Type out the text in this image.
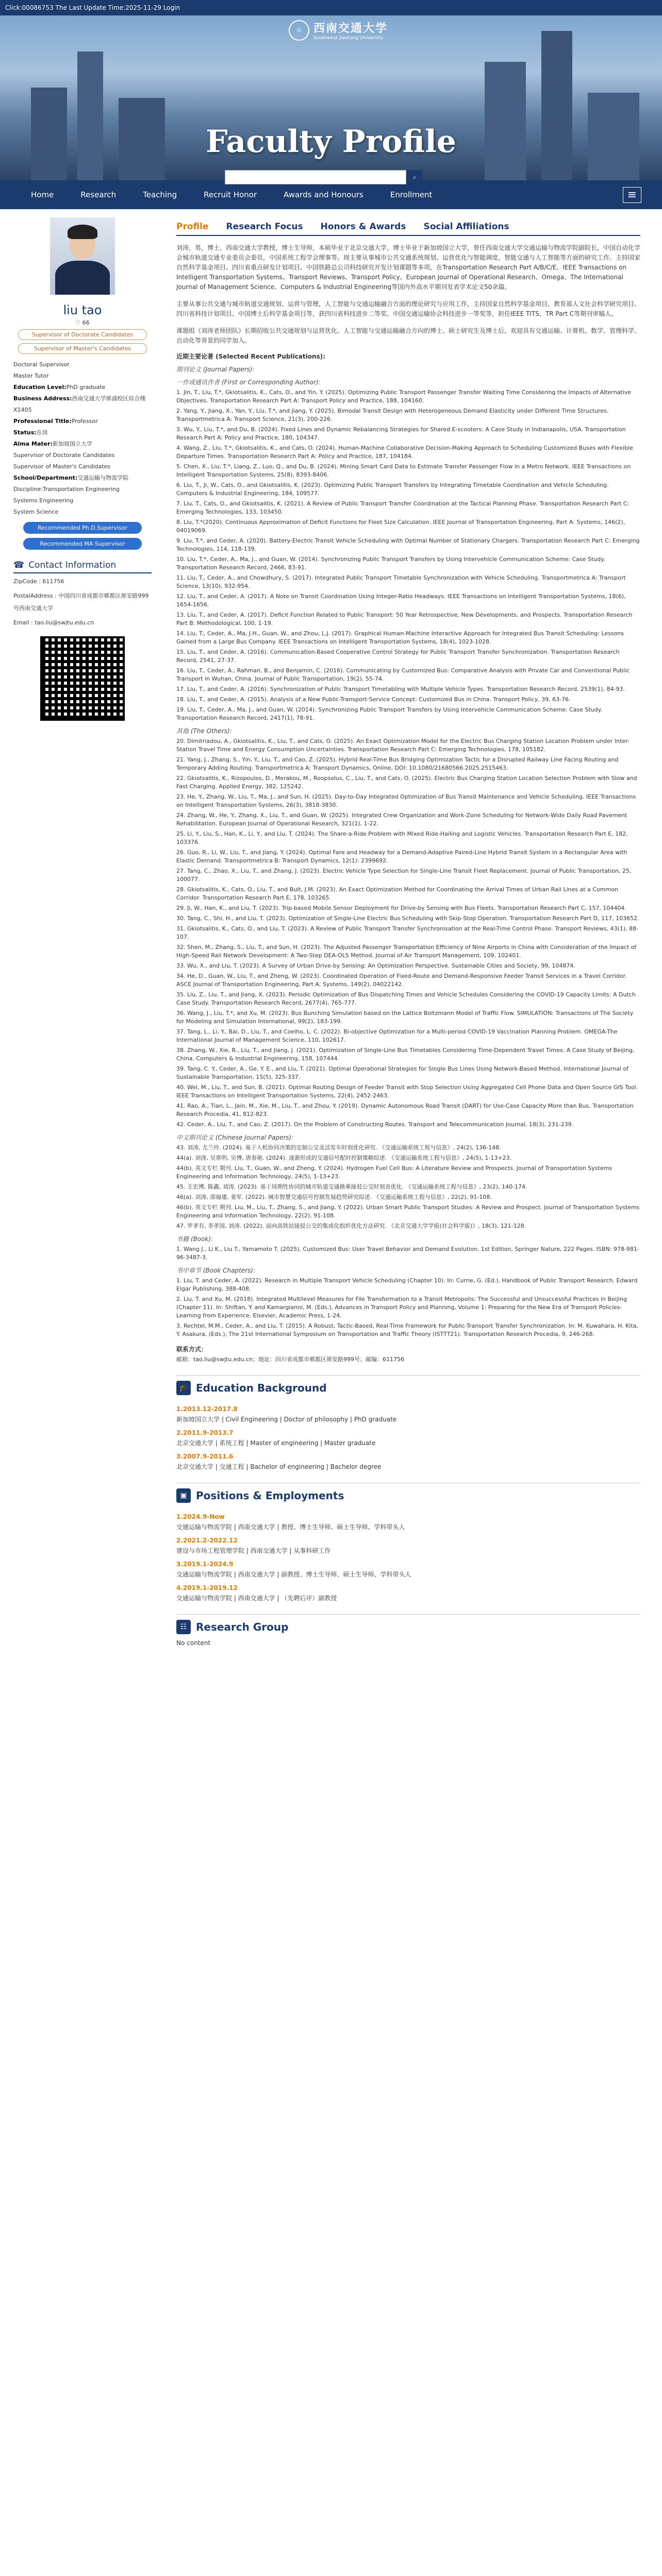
Click:00086753 The Last Update Time:2025-11-29 Login
◎	西南交通大学
Southwest Jiaotong University
Faculty Profile
⌕
Home	Research	Teaching	Recruit Honor	Awards and Honours	Enrollment	≡
liu tao
♡ 66
Supervisor of Doctorate Candidates
Supervisor of Master's Candidates
Doctoral Supervisor
Master Tutor
Education Level:PhD graduate
Business Address:西南交通大学犀浦校区综合楼X1405
Professional Title:Professor
Status:在岗
Alma Mater:新加坡国立大学
Supervisor of Doctorate Candidates
Supervisor of Master's Candidates
School/Department:交通运输与物流学院
Discipline:Transportation Engineering
Systems Engineering
System Science
Recommended Ph.D.Supervisor
Recommended MA Supervisor
☎ Contact Information
ZipCode : 611756
PostalAddress : 中国四川省成都市郫都区犀安路999号西南交通大学
Email : tao.liu@swjtu.edu.cn
Profile Research Focus Honors & Awards Social Affiliations

刘涛，男，博士，西南交通大学教授，博士生导师，本硕毕业于北京交通大学，博士毕业于新加坡国立大学，曾任西南交通大学交通运输与物流学院副院长，中国自动化学会城市轨道交通专业委员会委员，中国系统工程学会理事等。现主要从事城市公共交通系统规划、运营优化与智能调度，智能交通与人工智能等方面的研究工作。主持国家自然科学基金项目、四川省重点研发计划项目、中国铁路总公司科技研究开发计划课题等多项，在Transportation Research Part A/B/C/E、IEEE Transactions on Intelligent Transportation Systems、Transport Reviews、Transport Policy、European Journal of Operational Research、Omega、The International Journal of Management Science、Computers & Industrial Engineering等国内外高水平期刊发表学术论文50余篇。

主要从事公共交通与城市轨道交通规划、运营与管理，人工智能与交通运输融合方面的理论研究与应用工作，主持国家自然科学基金项目、教育部人文社会科学研究项目、四川省科技计划项目、中国博士后科学基金项目等，获四川省科技进步二等奖、中国交通运输协会科技进步一等奖等，担任IEEE TITS、TR Part C等期刊审稿人。

课题组《刘涛老师团队》长期招收公共交通规划与运营优化、人工智能与交通运输融合方向的博士、硕士研究生及博士后，欢迎具有交通运输、计算机、数学、管理科学、自动化等背景的同学加入。

近期主要论著 (Selected Recent Publications):
期刊论文 (Journal Papers):
一作或通讯作者 (First or Corresponding Author):
1. Jin, T., Liu, T.*, Gkiotsalitis, K., Cats, O., and Yin, Y. (2025). Optimizing Public Transport Passenger Transfer Waiting Time Considering the Impacts of Alternative Objectives. Transportation Research Part A: Transport Policy and Practice, 188, 104160.
2. Yang, Y., Jiang, X., Yan, Y., Liu, T.*, and Jiang, Y. (2025). Bimodal Transit Design with Heterogeneous Demand Elasticity under Different Time Structures. Transportmetrica A: Transport Science, 21(3), 200-226.
3. Wu, Y., Liu, T.*, and Du, B. (2024). Fixed Lines and Dynamic Rebalancing Strategies for Shared E-scooters: A Case Study in Indianapolis, USA. Transportation Research Part A: Policy and Practice, 180, 104347.
4. Wang, Z., Liu, T.*, Gkiotsalitis, K., and Cats, O. (2024). Human-Machine Collaborative Decision-Making Approach to Scheduling Customized Buses with Flexible Departure Times. Transportation Research Part A: Policy and Practice, 187, 104184.
5. Chen, X., Liu, T.*, Liang, Z., Luo, Q., and Du, B. (2024). Mining Smart Card Data to Estimate Transfer Passenger Flow in a Metro Network. IEEE Transactions on Intelligent Transportation Systems, 25(8), 8393-8406.
6. Liu, T., Ji, W., Cats, O., and Gkiotsalitis, K. (2023). Optimizing Public Transport Transfers by Integrating Timetable Coordination and Vehicle Scheduling. Computers & Industrial Engineering, 184, 109577.
7. Liu, T., Cats, O., and Gkiotsalitis, K. (2021). A Review of Public Transport Transfer Coordination at the Tactical Planning Phase. Transportation Research Part C: Emerging Technologies, 133, 103450.
8. Liu, T.*(2020). Continuous Approximation of Deficit Functions for Fleet Size Calculation. IEEE Journal of Transportation Engineering, Part A: Systems, 146(2), 04019069.
9. Liu, T.*, and Ceder, A. (2020). Battery-Electric Transit Vehicle Scheduling with Optimal Number of Stationary Chargers. Transportation Research Part C: Emerging Technologies, 114, 118-139.
10. Liu, T.*, Ceder, A., Ma, J., and Guan, W. (2014). Synchronizing Public Transport Transfers by Using Intervehicle Communication Scheme: Case Study. Transportation Research Record, 2466, 83-91.
11. Liu, T., Ceder, A., and Chowdhury, S. (2017). Integrated Public Transport Timetable Synchronization with Vehicle Scheduling. Transportmetrica A: Transport Science, 13(10), 932-954.
12. Liu, T., and Ceder, A. (2017). A Note on Transit Coordination Using Integer-Ratio Headways. IEEE Transactions on Intelligent Transportation Systems, 18(6), 1654-1656.
13. Liu, T., and Ceder, A. (2017). Deficit Function Related to Public Transport: 50 Year Retrospective, New Developments, and Prospects. Transportation Research Part B: Methodological, 100, 1-19.
14. Liu, T., Ceder, A., Ma, J.H., Guan, W., and Zhou, L.J. (2017). Graphical Human-Machine Interactive Approach for Integrated Bus Transit Scheduling: Lessons Gained from a Large Bus Company. IEEE Transactions on Intelligent Transportation Systems, 18(4), 1023-1028.
15. Liu, T., and Ceder, A. (2016). Communication-Based Cooperative Control Strategy for Public Transport Transfer Synchronization. Transportation Research Record, 2541, 27-37.
16. Liu, T., Ceder, A., Rahman, B., and Benjamin, C. (2016). Communicating by Customized Bus: Comparative Analysis with Private Car and Conventional Public Transport in Wuhan, China. Journal of Public Transportation, 19(2), 55-74.
17. Liu, T., and Ceder, A. (2016). Synchronization of Public Transport Timetabling with Multiple Vehicle Types. Transportation Research Record, 2539(1), 84-93.
18. Liu, T., and Ceder, A. (2015). Analysis of a New Public-Transport-Service Concept: Customized Bus in China. Transport Policy, 39, 63-76.
19. Liu, T., Ceder, A., Ma, J., and Guan, W. (2014). Synchronizing Public Transport Transfers by Using Intervehicle Communication Scheme: Case Study. Transportation Research Record, 2417(1), 78-91.
其他 (The Others):
20. Dimitriadou, A., Gkiotsalitis, K., Liu, T., and Cats, O. (2025). An Exact Optimization Model for the Electric Bus Charging Station Location Problem under Inter-Station Travel Time and Energy Consumption Uncertainties. Transportation Research Part C: Emerging Technologies, 178, 105182.
21. Yang, J., Zhang, S., Yin, Y., Liu, T., and Cao, Z. (2025). Hybrid Real-Time Bus Bridging Optimization Tactic for a Disrupted Railway Line Facing Routing and Temporary Adding Routing. Transportmetrica A: Transport Dynamics, Online, DOI: 10.1080/21680566.2025.2515463.
22. Gkiotsalitis, K., Rizopoulos, D., Merakou, M., Roopsolus, C., Liu, T., and Cats, O. (2025). Electric Bus Charging Station Location Selection Problem with Slow and Fast Charging. Applied Energy, 382, 125242.
23. He, Y., Zhang, W., Liu, T., Ma, J., and Sun, H. (2025). Day-to-Day Integrated Optimization of Bus Transit Maintenance and Vehicle Scheduling. IEEE Transactions on Intelligent Transportation Systems, 26(3), 3818-3830.
24. Zhang, W., He, Y., Zhang, X., Liu, T., and Guan, W. (2025). Integrated Crew Organization and Work-Zone Scheduling for Network-Wide Daily Road Pavement Rehabilitation. European Journal of Operational Research, 321(1), 1-22.
25. Li, Y., Liu, S., Han, K., Li, Y., and Liu, T. (2024). The Share-a-Ride Problem with Mixed Ride-Hailing and Logistic Vehicles. Transportation Research Part E, 182, 103376.
26. Guo, R., Li, W., Liu, T., and Jiang, Y. (2024). Optimal Fare and Headway for a Demand-Adaptive Paired-Line Hybrid Transit System in a Rectangular Area with Elastic Demand. Transportmetrica B: Transport Dynamics, 12(1): 2399692.
27. Tang, C., Zhao, X., Liu, T., and Zhang, J. (2023). Electric Vehicle Type Selection for Single-Line Transit Fleet Replacement. Journal of Public Transportation, 25, 100077.
28. Gkiotsalitis, K., Cats, O., Liu, T., and Bult, J.M. (2023). An Exact Optimization Method for Coordinating the Arrival Times of Urban Rail Lines at a Common Corridor. Transportation Research Part E, 178, 103265.
29. Ji, W., Han, K., and Liu, T. (2023). Trip-based Mobile Sensor Deployment for Drive-by Sensing with Bus Fleets. Transportation Research Part C, 157, 104404.
30. Tang, C., Shi, H., and Liu, T. (2023). Optimization of Single-Line Electric Bus Scheduling with Skip-Stop Operation. Transportation Research Part D, 117, 103652.
31. Gkiotsalitis, K., Cats, O., and Liu, T. (2023). A Review of Public Transport Transfer Synchronisation at the Real-Time Control Phase. Transport Reviews, 43(1), 88-107.
32. Shen, M., Zhang, S., Liu, T., and Sun, H. (2023). The Adjusted Passenger Transportation Efficiency of Nine Airports in China with Consideration of the Impact of High-Speed Rail Network Development: A Two-Step DEA-OLS Method. Journal of Air Transport Management, 109, 102401.
33. Wu, X., and Liu, T. (2023). A Survey of Urban Drive-by Sensing: An Optimization Perspective. Sustainable Cities and Society, 99, 104874.
34. He, D., Guan, W., Liu, T., and Zheng, W. (2023). Coordinated Operation of Fixed-Route and Demand-Responsive Feeder Transit Services in a Travel Corridor. ASCE Journal of Transportation Engineering, Part A: Systems, 149(2), 04022142.
35. Liu, Z., Liu, T., and Jiang, X. (2023). Periodic Optimization of Bus Dispatching Times and Vehicle Schedules Considering the COVID-19 Capacity Limits: A Dutch Case Study. Transportation Research Record, 2677(4), 765-777.
36. Wang, J., Liu, T.*, and Xu, M. (2023). Bus Bunching Simulation based on the Lattice Boltzmann Model of Traffic Flow. SIMULATION: Transactions of The Society for Modeling and Simulation International, 99(2), 183-199.
37. Tang, L., Li, Y., Bai, D., Liu, T., and Coelho, L. C. (2022). Bi-objective Optimization for a Multi-period COVID-19 Vaccination Planning Problem. OMEGA-The International Journal of Management Science, 110, 102617.
38. Zhang, W., Xie, R., Liu, T., and Jiang, J. (2021). Optimization of Single-Line Bus Timetables Considering Time-Dependent Travel Times: A Case Study of Beijing, China. Computers & Industrial Engineering, 158, 107444.
39. Tang, C. Y., Ceder, A., Ge, Y. E., and Liu, T. (2021). Optimal Operational Strategies for Single Bus Lines Using Network-Based Method. International Journal of Sustainable Transportation, 15(5), 325-337.
40. Wei, M., Liu, T., and Sun, B. (2021). Optimal Routing Design of Feeder Transit with Stop Selection Using Aggregated Cell Phone Data and Open Source GIS Tool. IEEE Transactions on Intelligent Transportation Systems, 22(4), 2452-2463.
41. Rao, A., Tian, L., Jain, M., Xie, M., Liu, T., and Zhou, Y. (2019). Dynamic Autonomous Road Transit (DART) for Use-Case Capacity More than Bus. Transportation Research Procedia, 41, 812-823.
42. Ceder, A., Liu, T., and Cao, Z. (2017). On the Problem of Constructing Routes. Transport and Telecommunication Journal, 18(3), 231-239.
中文期刊论文 (Chinese Journal Papers):
43. 刘涛, 尤兰玲. (2024). 基于人机协同决策的定制公交灵活发车时刻优化研究. 《交通运输系统工程与信息》, 24(2), 136-148.
44(a). 刘涛, 吴常明, 吴博, 唐春艳. (2024). 逐渐形成的交通信号配时控制策略综述. 《交通运输系统工程与信息》, 24(5), 1-13+23.
44(b). 英文专栏 期刊. Liu, T., Guan, W., and Zheng, Y. (2024). Hydrogen Fuel Cell Bus: A Literature Review and Prospects. Journal of Transportation Systems Engineering and Information Technology, 24(5), 1-13+23.
45. 王宏博, 陈鑫, 刘涛. (2023). 基于周期性协同的城市轨道交通换乘接驳公交时刻表优化. 《交通运输系统工程与信息》, 23(2), 140-174.
46(a). 刘涛, 邵福建, 姜军. (2022). 城市智慧交通信号控制发展趋势研究综述. 《交通运输系统工程与信息》, 22(2), 91-108.
46(b). 英文专栏 期刊. Liu, M., Liu, T., Zhang, S., and Jiang, Y. (2022). Urban Smart Public Transport Studies: A Review and Prospect. Journal of Transportation Systems Engineering and Information Technology, 22(2), 91-108.
47. 罗孝有, 李孝国, 刘涛. (2022). 面向高铁站接驳公交的集成化组织优化方法研究. 《北京交通大学学报(社会科学版)》, 18(3), 121-128.
书籍 (Book):
1. Wang J., Li K., Liu T., Yamamoto T. (2025). Customized Bus: User Travel Behavior and Demand Evolution. 1st Edition, Springer Nature, 222 Pages. ISBN: 978-981-96-3487-3.
书中章节 (Book Chapters):
1. Liu, T. and Ceder, A. (2022). Research in Multiple Transport Vehicle Scheduling (Chapter 10). In: Currie, G. (Ed.), Handbook of Public Transport Research. Edward Elgar Publishing, 388-408.
2. Liu, T. and Xu, M. (2018). Integrated Multilevel Measures for File Transformation to a Transit Metropolis: The Successful and Unsuccessful Practices in Beijing (Chapter 11). In: Shiftan, Y. and Kamargianni, M. (Eds.), Advances in Transport Policy and Planning, Volume 1: Preparing for the New Era of Transport Policies-Learning from Experience. Elsevier, Academic Press, 1-24.
3. Rechtel, M.M., Ceder, A., and Liu, T. (2015). A Robust, Tactic-Based, Real-Time Framework for Public-Transport Transfer Synchronization. In: M. Kuwahara, H. Kita, Y. Asakura, (Eds.), The 21st International Symposium on Transportation and Traffic Theory (ISTTT21). Transportation Research Procedia, 9, 246-268.
联系方式：
邮箱：tao.liu@swjtu.edu.cn；地址：四川省成都市郫都区犀安路999号；邮编：611756
🎓 Education Background
1.2013.12-2017.8
新加坡国立大学 | Civil Engineering | Doctor of philosophy | PhD graduate
2.2011.9-2013.7
北京交通大学 | 系统工程 | Master of engineering | Master graduate
3.2007.9-2011.6
北京交通大学 | 交通工程 | Bachelor of engineering | Bachelor degree
▣ Positions & Employments
1.2024.9-Now
交通运输与物流学院 | 西南交通大学 | 教授、博士生导师、硕士生导师、学科带头人
2.2021.2-2022.12
建设与市场工程管理学院 | 西南交通大学 | 从事科研工作
3.2019.1-2024.9
交通运输与物流学院 | 西南交通大学 | 副教授、博士生导师、硕士生导师、学科带头人
4.2019.1-2019.12
交通运输与物流学院 | 西南交通大学 | （先聘后评）副教授
☷ Research Group
No content
